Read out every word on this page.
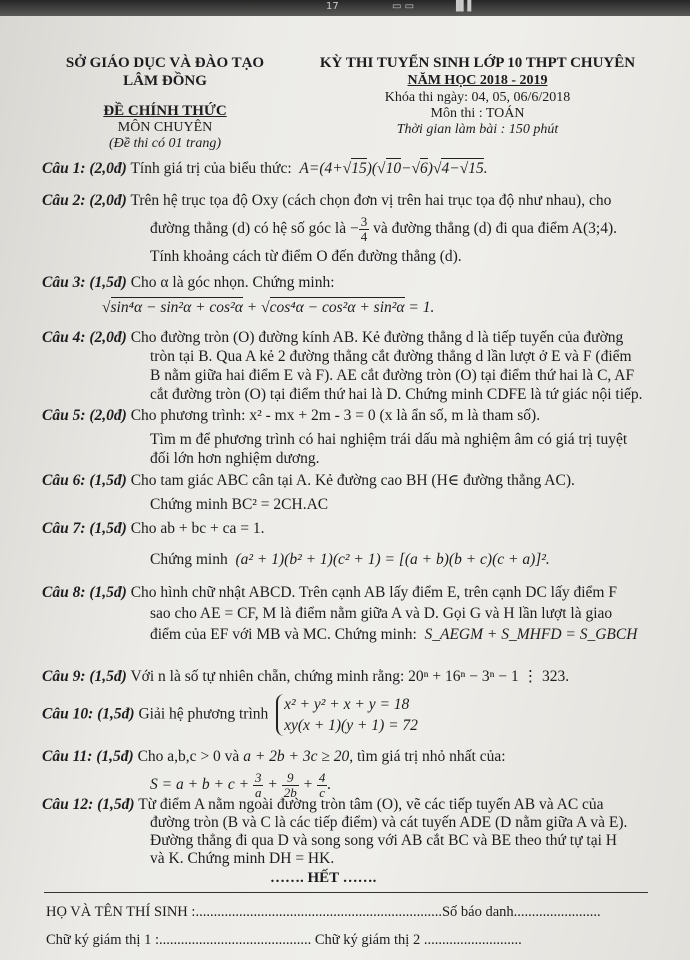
17	▭ ▭	▐▌▌
SỞ GIÁO DỤC VÀ ĐÀO TẠO
LÂM ĐỒNG
ĐỀ CHÍNH THỨC
MÔN CHUYÊN
(Đề thi có 01 trang)
KỲ THI TUYỂN SINH LỚP 10 THPT CHUYÊN
NĂM HỌC 2018 - 2019
Khóa thi ngày: 04, 05, 06/6/2018
Môn thi : TOÁN
Thời gian làm bài : 150 phút
Câu 1: (2,0đ) Tính giá trị của biểu thức: A=(4+√15)(√10−√6)√4−√15.
Câu 2: (2,0đ) Trên hệ trục tọa độ Oxy (cách chọn đơn vị trên hai trục tọa độ như nhau), cho
đường thẳng (d) có hệ số góc là − $\frac{3}{4}$ và đường thẳng (d) đi qua điểm A(3;4).
Tính khoảng cách từ điểm O đến đường thẳng (d).
Câu 3: (1,5đ) Cho α là góc nhọn. Chứng minh:
√sin⁴α − sin²α + cos²α + √cos⁴α − cos²α + sin²α = 1.
Câu 4: (2,0đ) Cho đường tròn (O) đường kính AB. Kẻ đường thẳng d là tiếp tuyến của đường
tròn tại B. Qua A kẻ 2 đường thẳng cắt đường thẳng d lần lượt ở E và F (điểm
B nằm giữa hai điểm E và F). AE cắt đường tròn (O) tại điểm thứ hai là C, AF
cắt đường tròn (O) tại điểm thứ hai là D. Chứng minh CDFE là tứ giác nội tiếp.
Câu 5: (2,0đ) Cho phương trình: x² - mx + 2m - 3 = 0 (x là ẩn số, m là tham số).
Tìm m để phương trình có hai nghiệm trái dấu mà nghiệm âm có giá trị tuyệt
đối lớn hơn nghiệm dương.
Câu 6: (1,5đ) Cho tam giác ABC cân tại A. Kẻ đường cao BH (H∈ đường thẳng AC).
Chứng minh BC² = 2CH.AC
Câu 7: (1,5đ) Cho ab + bc + ca = 1.
Chứng minh (a² + 1)(b² + 1)(c² + 1) = [(a + b)(b + c)(c + a)]².
Câu 8: (1,5đ) Cho hình chữ nhật ABCD. Trên cạnh AB lấy điểm E, trên cạnh DC lấy điểm F
sao cho AE = CF, M là điểm nằm giữa A và D. Gọi G và H lần lượt là giao
điểm của EF với MB và MC. Chứng minh: S_AEGM + S_MHFD = S_GBCH
Câu 9: (1,5đ) Với n là số tự nhiên chẵn, chứng minh rằng: 20ⁿ + 16ⁿ − 3ⁿ − 1 ⋮ 323.
Câu 10: (1,5đ) Giải hệ phương trình
x² + y² + x + y = 18
xy(x + 1)(y + 1) = 72
Câu 11: (1,5đ) Cho a,b,c > 0 và a + 2b + 3c ≥ 20, tìm giá trị nhỏ nhất của:
$S = a + b + c + \frac{3}{a} + \frac{9}{2b} + \frac{4}{c}$ .
Câu 12: (1,5đ) Từ điểm A nằm ngoài đường tròn tâm (O), vẽ các tiếp tuyến AB và AC của
đường tròn (B và C là các tiếp điểm) và cát tuyến ADE (D nằm giữa A và E).
Đường thẳng đi qua D và song song với AB cắt BC và BE theo thứ tự tại H
và K. Chứng minh DH = HK.
……. HẾT …….
HỌ VÀ TÊN THÍ SINH :....................................................................Số báo danh........................
Chữ ký giám thị 1 :.......................................... Chữ ký giám thị 2 ...........................
